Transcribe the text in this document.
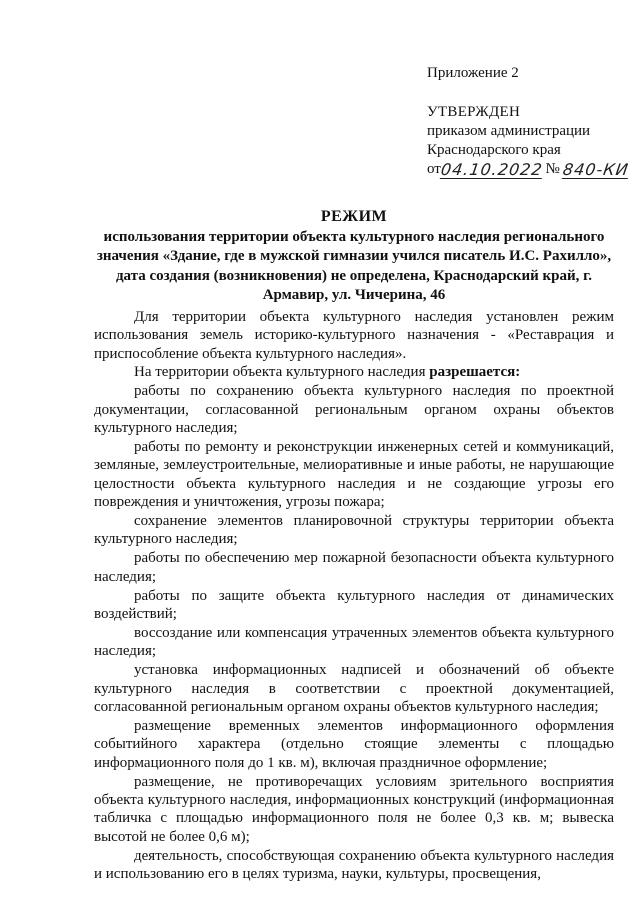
Приложение 2
УТВЕРЖДЕН
приказом администрации
Краснодарского края
от
04.10.2022 № 840-КИ
РЕЖИМ
использования территории объекта культурного наследия регионального значения «Здание, где в мужской гимназии учился писатель И.С. Рахилло», дата создания (возникновения) не определена, Краснодарский край, г. Армавир, ул. Чичерина, 46

Для территории объекта культурного наследия установлен режим использования земель историко-культурного назначения - «Реставрация и приспособление объекта культурного наследия».

На территории объекта культурного наследия разрешается:

работы по сохранению объекта культурного наследия по проектной документации, согласованной региональным органом охраны объектов культурного наследия;

работы по ремонту и реконструкции инженерных сетей и коммуникаций, земляные, землеустроительные, мелиоративные и иные работы, не нарушающие целостности объекта культурного наследия и не создающие угрозы его повреждения и уничтожения, угрозы пожара;

сохранение элементов планировочной структуры территории объекта культурного наследия;

работы по обеспечению мер пожарной безопасности объекта культурного наследия;

работы по защите объекта культурного наследия от динамических воздействий;

воссоздание или компенсация утраченных элементов объекта культурного наследия;

установка информационных надписей и обозначений об объекте культурного наследия в соответствии с проектной документацией, согласованной региональным органом охраны объектов культурного наследия;

размещение временных элементов информационного оформления событийного характера (отдельно стоящие элементы с площадью информационного поля до 1 кв. м), включая праздничное оформление;

размещение, не противоречащих условиям зрительного восприятия объекта культурного наследия, информационных конструкций (информационная табличка с площадью информационного поля не более 0,3 кв. м; вывеска высотой не более 0,6 м);

деятельность, способствующая сохранению объекта культурного наследия и использованию его в целях туризма, науки, культуры, просвещения,
